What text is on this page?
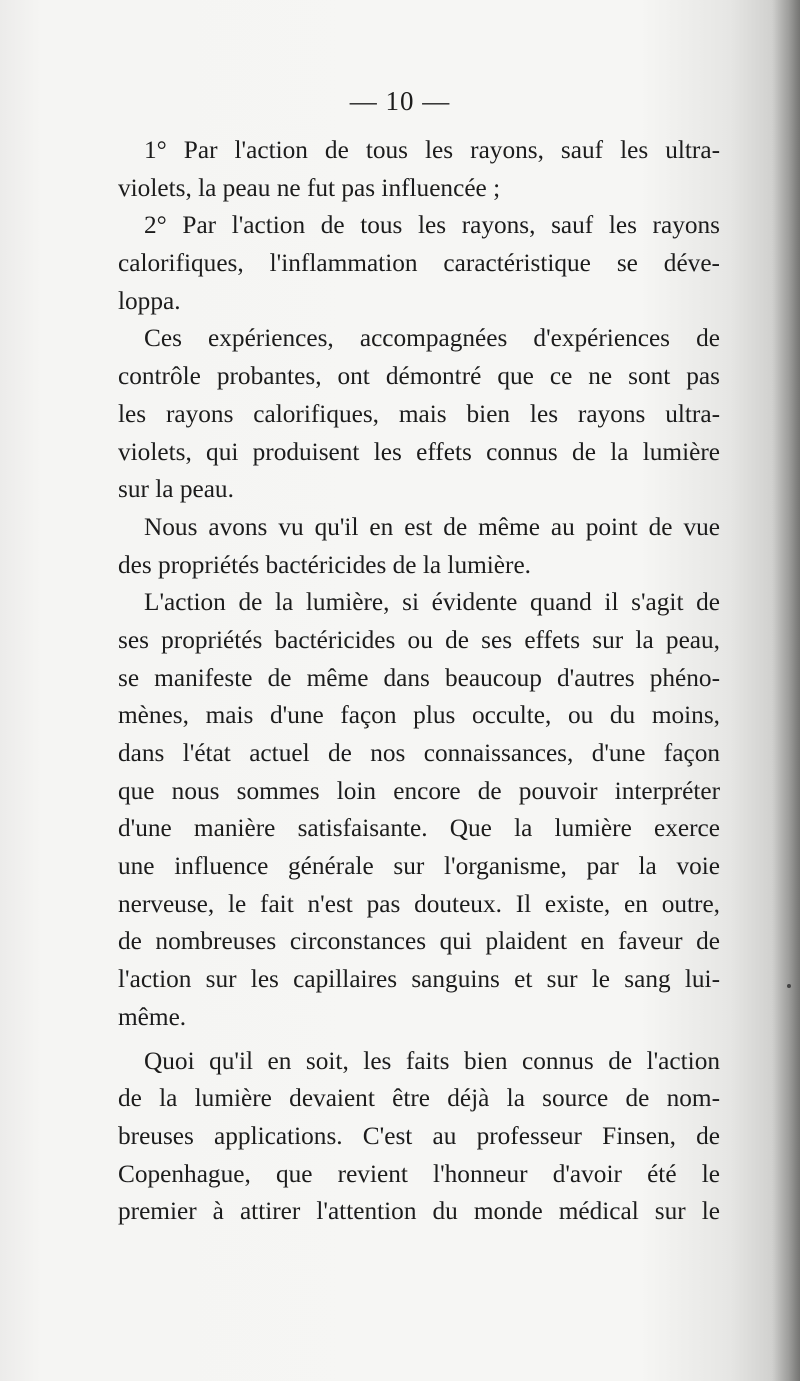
— 10 —
1° Par l'action de tous les rayons, sauf les ultra-
violets, la peau ne fut pas influencée ;
2° Par l'action de tous les rayons, sauf les rayons
calorifiques, l'inflammation caractéristique se déve-
loppa.
Ces expériences, accompagnées d'expériences de
contrôle probantes, ont démontré que ce ne sont pas
les rayons calorifiques, mais bien les rayons ultra-
violets, qui produisent les effets connus de la lumière
sur la peau.
Nous avons vu qu'il en est de même au point de vue
des propriétés bactéricides de la lumière.
L'action de la lumière, si évidente quand il s'agit de
ses propriétés bactéricides ou de ses effets sur la peau,
se manifeste de même dans beaucoup d'autres phéno-
mènes, mais d'une façon plus occulte, ou du moins,
dans l'état actuel de nos connaissances, d'une façon
que nous sommes loin encore de pouvoir interpréter
d'une manière satisfaisante. Que la lumière exerce
une influence générale sur l'organisme, par la voie
nerveuse, le fait n'est pas douteux. Il existe, en outre,
de nombreuses circonstances qui plaident en faveur de
l'action sur les capillaires sanguins et sur le sang lui-
même.
Quoi qu'il en soit, les faits bien connus de l'action
de la lumière devaient être déjà la source de nom-
breuses applications. C'est au professeur Finsen, de
Copenhague, que revient l'honneur d'avoir été le
premier à attirer l'attention du monde médical sur le
